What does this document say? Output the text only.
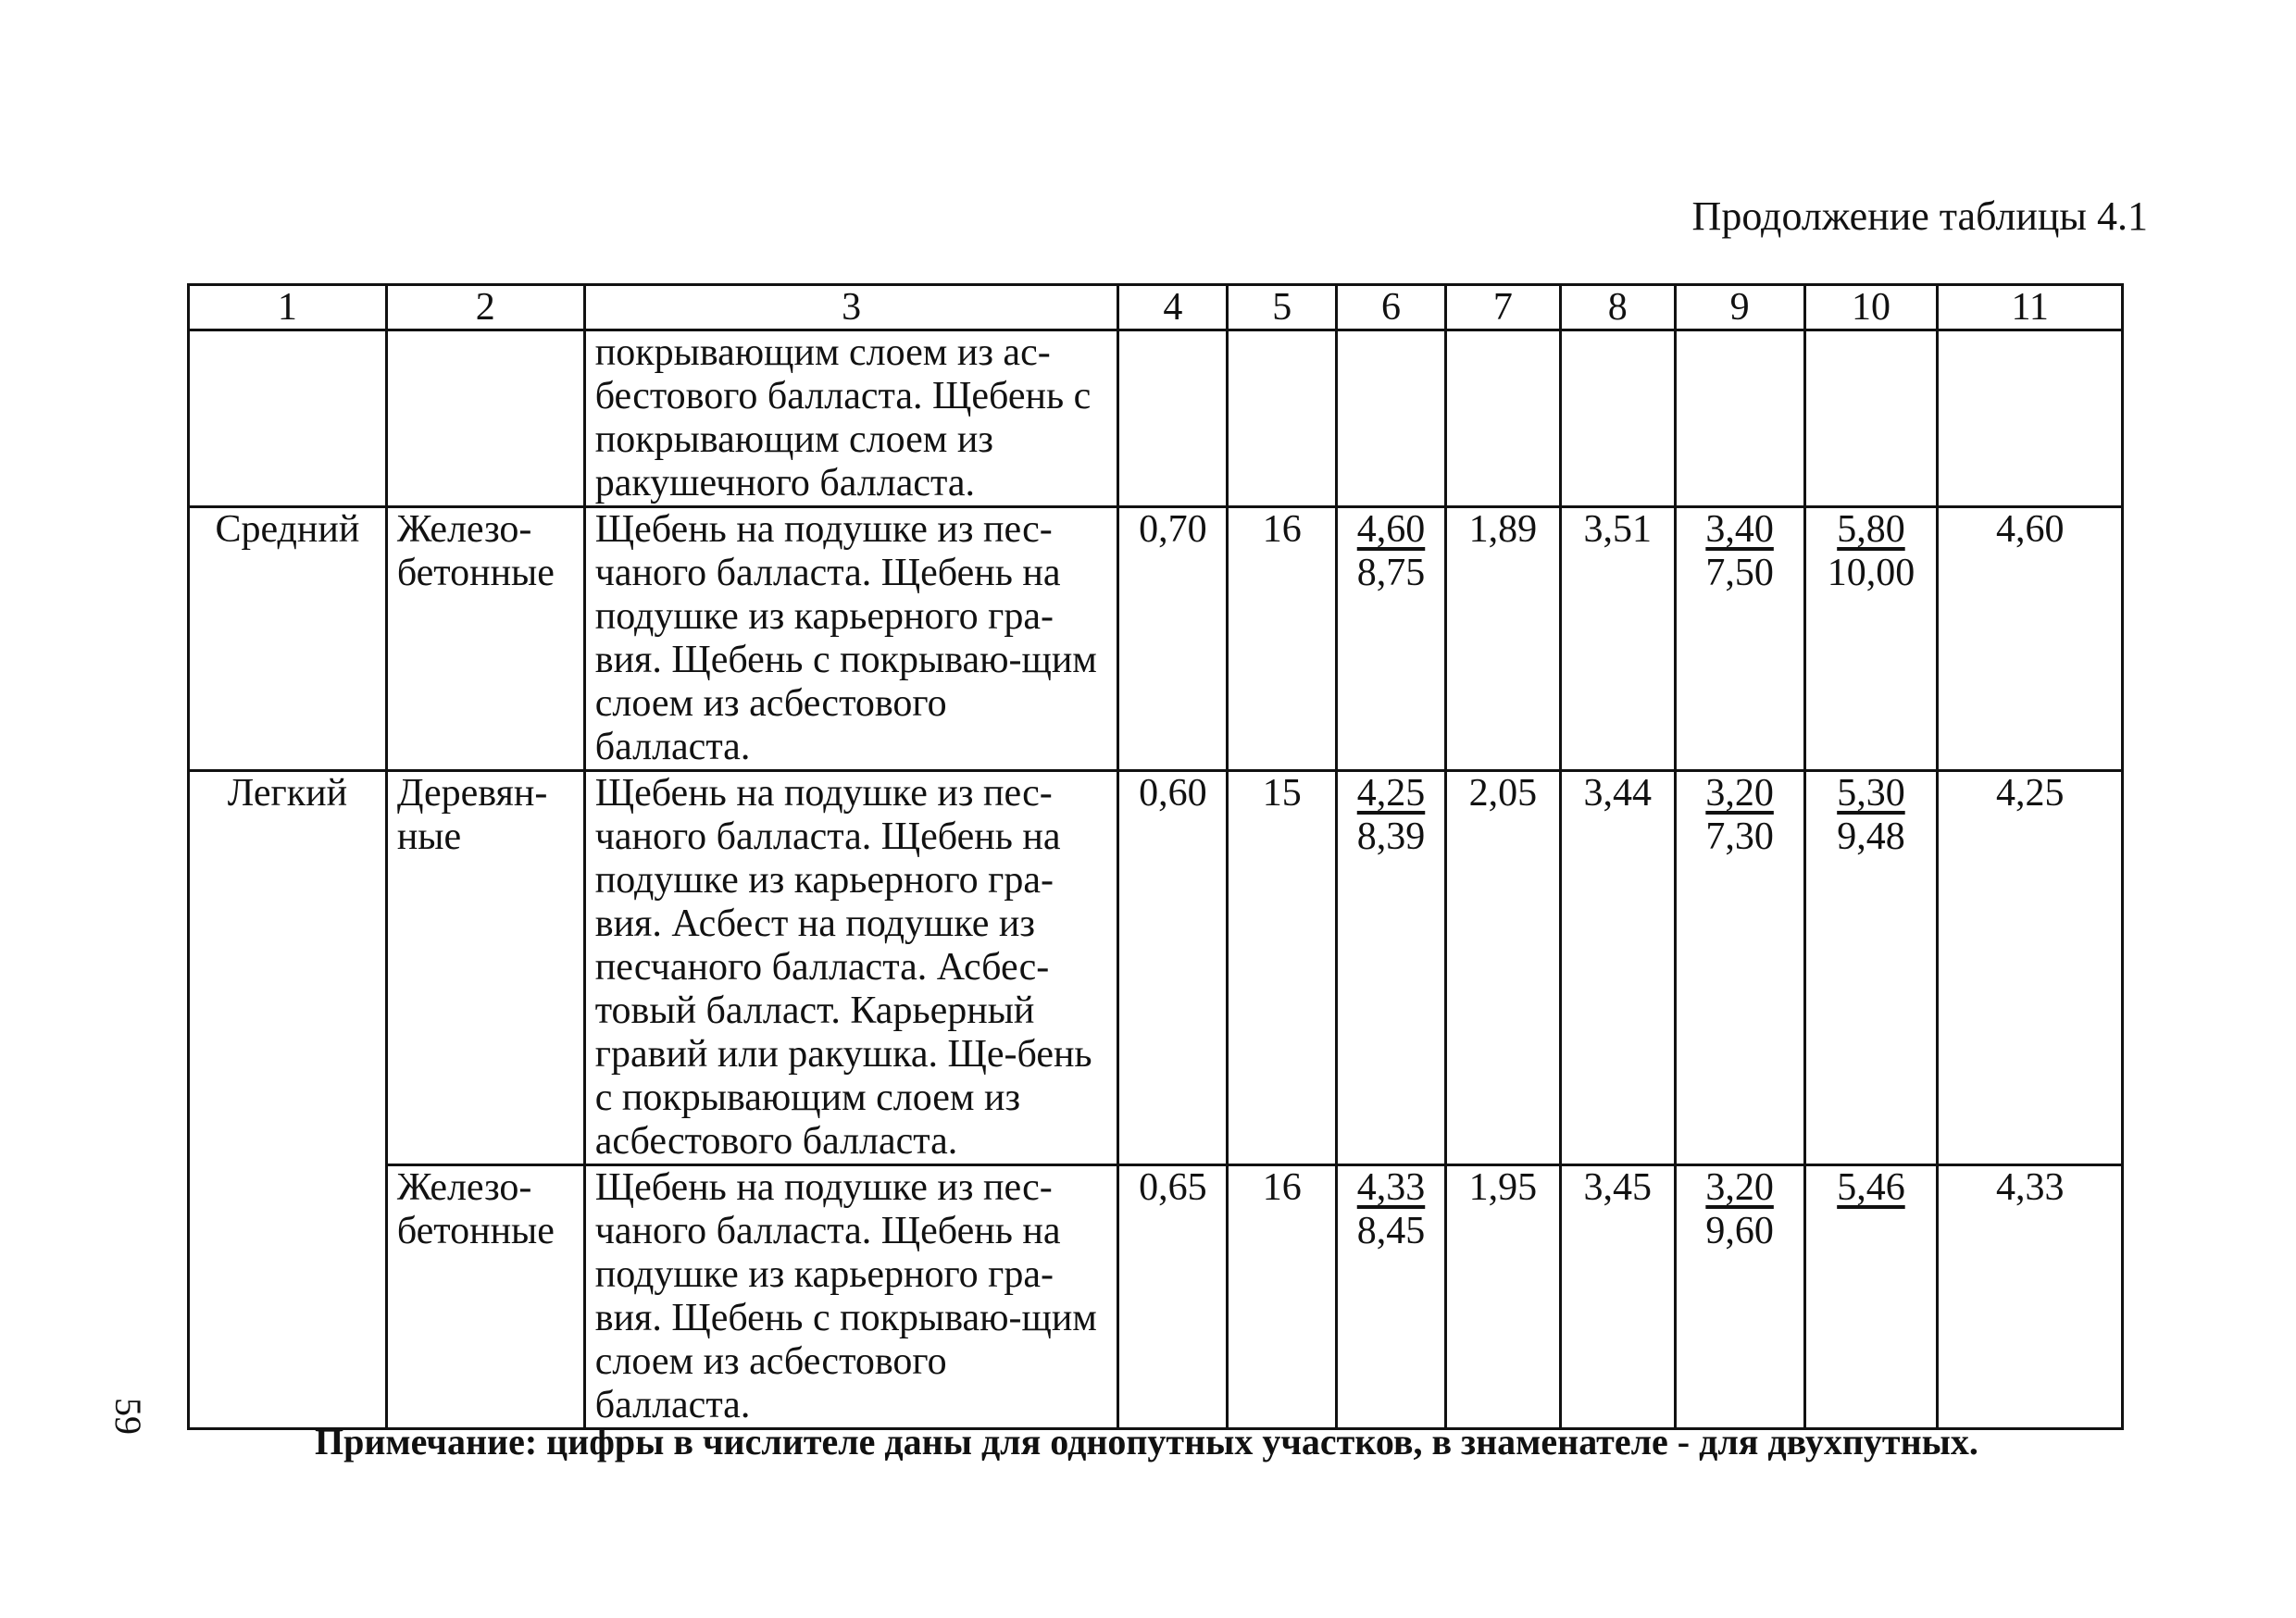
Продолжение таблицы 4.1
59
1	2	3	4	5	6	7	8	9	10	11
		покрывающим слоем из ас-бестового балласта. Щебень с покрывающим слоем из ракушечного балласта.			

Средний	Железо-бетонные	Щебень на подушке из пес-чаного балласта. Щебень на подушке из карьерного гра-вия. Щебень с покрываю-щим слоем из асбестового балласта.	0,70	16	$\frac{4,60}{8,75}$	1,89	3,51	$\frac{3,40}{7,50}$	$\frac{5,80}{10,00}$	4,60
Легкий	Деревян-ные	Щебень на подушке из пес-чаного балласта. Щебень на подушке из карьерного гра-вия. Асбест на подушке из песчаного балласта. Асбес-товый балласт. Карьерный гравий или ракушка. Ще-бень с покрывающим слоем из асбестового балласта.	0,60	15	$\frac{4,25}{8,39}$	2,05	3,44	$\frac{3,20}{7,30}$	$\frac{5,30}{9,48}$	4,25
	Железо-бетонные	Щебень на подушке из пес-чаного балласта. Щебень на подушке из карьерного гра-вия. Щебень с покрываю-щим слоем из асбестового балласта.	0,65	16	$\frac{4,33}{8,45}$	1,95	3,45	$\frac{3,20}{9,60}$	5,46	4,33
Примечание: цифры в числителе даны для однопутных участков, в знаменателе - для двухпутных.
